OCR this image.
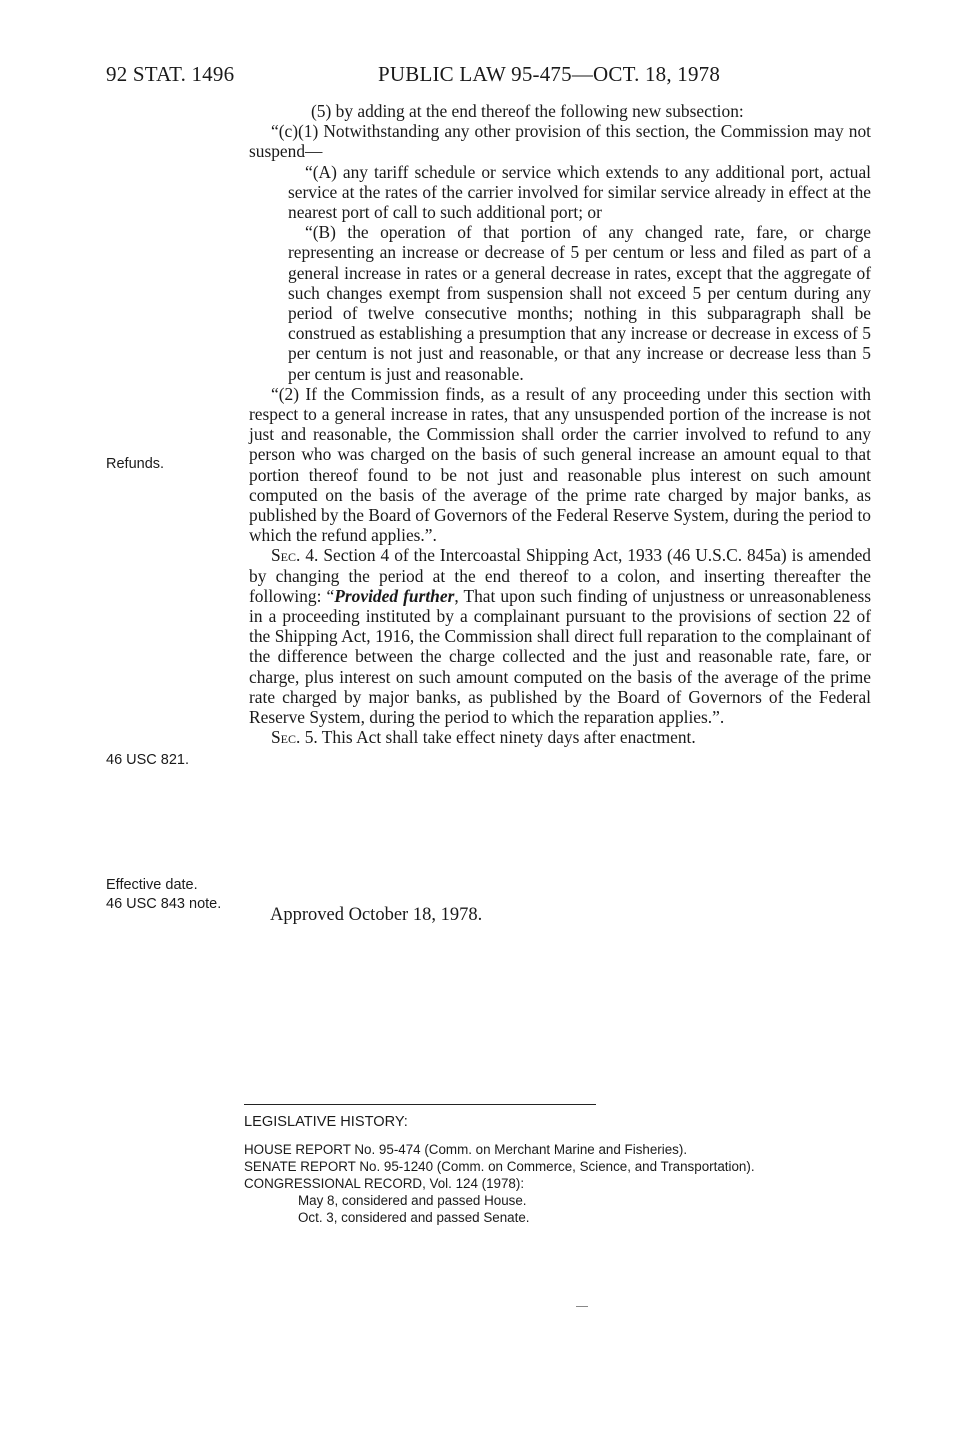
92 STAT. 1496	PUBLIC LAW 95-475—OCT. 18, 1978

(5) by adding at the end thereof the following new subsection:

“(c)(1) Notwithstanding any other provision of this section, the Commission may not suspend—

“(A) any tariff schedule or service which extends to any additional port, actual service at the rates of the carrier involved for similar service already in effect at the nearest port of call to such additional port; or

“(B) the operation of that portion of any changed rate, fare, or charge representing an increase or decrease of 5 per centum or less and filed as part of a general increase in rates or a general decrease in rates, except that the aggregate of such changes exempt from suspension shall not exceed 5 per centum during any period of twelve consecutive months; nothing in this subparagraph shall be construed as establishing a presumption that any increase or decrease in excess of 5 per centum is not just and reasonable, or that any increase or decrease less than 5 per centum is just and reasonable.

“(2) If the Commission finds, as a result of any proceeding under this section with respect to a general increase in rates, that any unsuspended portion of the increase is not just and reasonable, the Commission shall order the carrier involved to refund to any person who was charged on the basis of such general increase an amount equal to that portion thereof found to be not just and reasonable plus interest on such amount computed on the basis of the average of the prime rate charged by major banks, as published by the Board of Governors of the Federal Reserve System, during the period to which the refund applies.”.

Sec. 4. Section 4 of the Intercoastal Shipping Act, 1933 (46 U.S.C. 845a) is amended by changing the period at the end thereof to a colon, and inserting thereafter the following: “Provided further, That upon such finding of unjustness or unreasonableness in a proceeding instituted by a complainant pursuant to the provisions of section 22 of the Shipping Act, 1916, the Commission shall direct full reparation to the complainant of the difference between the charge collected and the just and reasonable rate, fare, or charge, plus interest on such amount computed on the basis of the average of the prime rate charged by major banks, as published by the Board of Governors of the Federal Reserve System, during the period to which the reparation applies.”.

Sec. 5. This Act shall take effect ninety days after enactment.

Refunds.
46 USC 821.
Effective date.
46 USC 843 note.
Approved October 18, 1978.
LEGISLATIVE HISTORY:
HOUSE REPORT No. 95-474 (Comm. on Merchant Marine and Fisheries).
SENATE REPORT No. 95-1240 (Comm. on Commerce, Science, and Transportation).
CONGRESSIONAL RECORD, Vol. 124 (1978):
May 8, considered and passed House.
Oct. 3, considered and passed Senate.
